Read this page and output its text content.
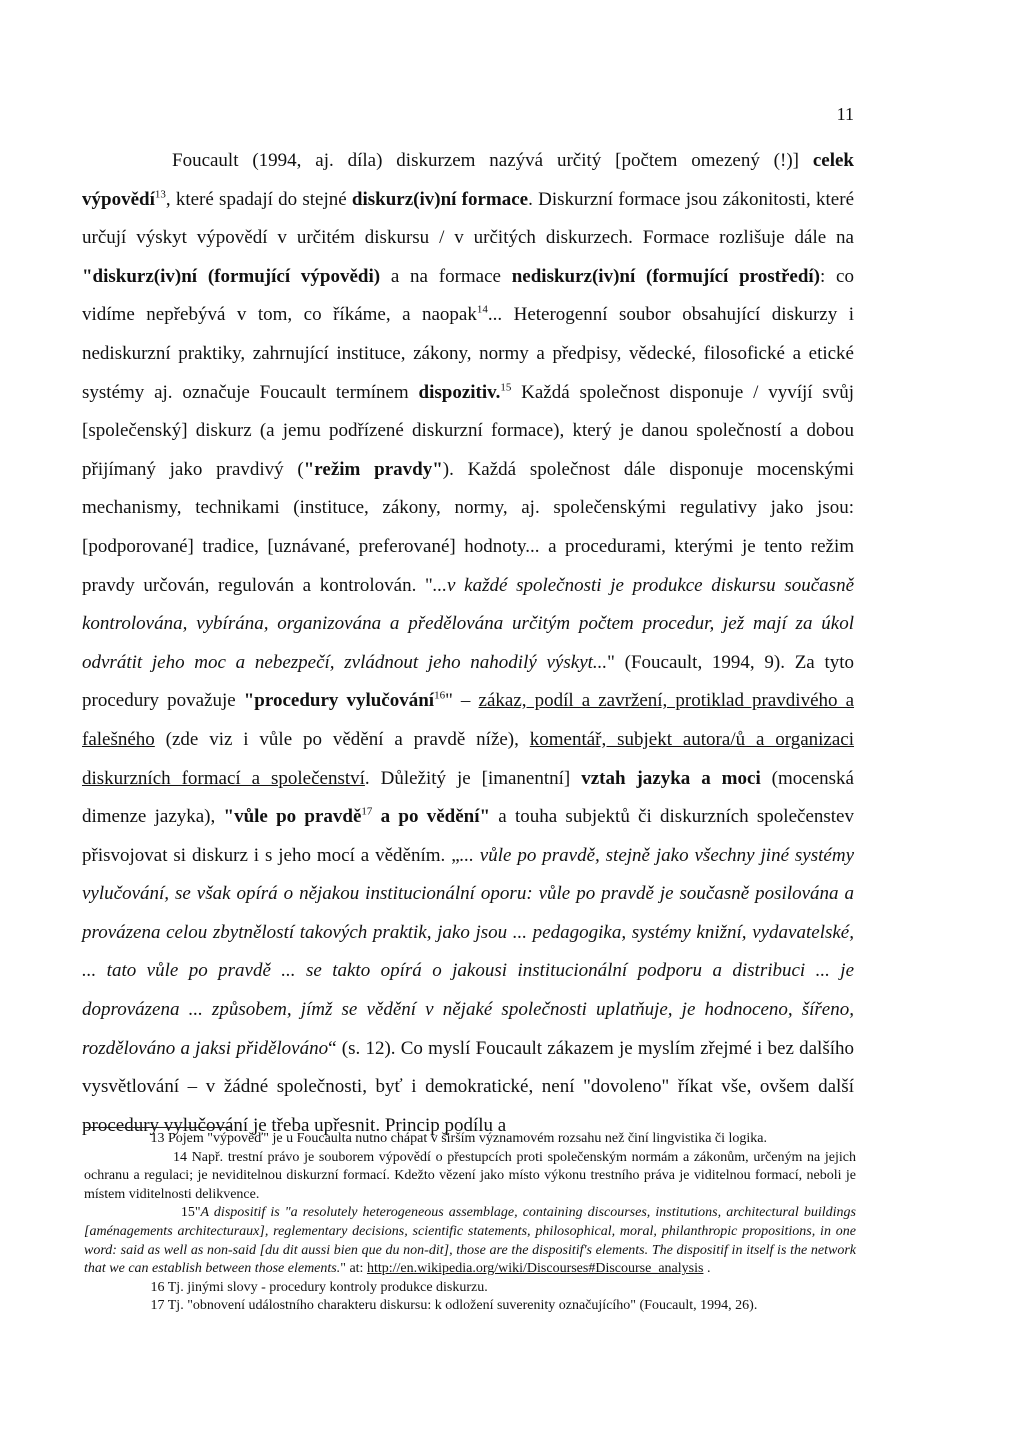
11

Foucault (1994, aj. díla) diskurzem nazývá určitý [počtem omezený (!)] celek výpovědí$^{13}$, které spadají do stejné diskurz(iv)ní formace. Diskurzní formace jsou zákonitosti, které určují výskyt výpovědí v určitém diskursu / v určitých diskurzech. Formace rozlišuje dále na "diskurz(iv)ní (formující výpovědi) a na formace nediskurz(iv)ní (formující prostředí): co vidíme nepřebývá v tom, co říkáme, a naopak$^{14}$... Heterogenní soubor obsahující diskurzy i nediskurzní praktiky, zahrnující instituce, zákony, normy a předpisy, vědecké, filosofické a etické systémy aj. označuje Foucault termínem dispozitiv.$^{15}$ Každá společnost disponuje / vyvíjí svůj [společenský] diskurz (a jemu podřízené diskurzní formace), který je danou společností a dobou přijímaný jako pravdivý ("režim pravdy"). Každá společnost dále disponuje mocenskými mechanismy, technikami (instituce, zákony, normy, aj. společenskými regulativy jako jsou: [podporované] tradice, [uznávané, preferované] hodnoty... a procedurami, kterými je tento režim pravdy určován, regulován a kontrolován. "...v každé společnosti je produkce diskursu současně kontrolována, vybírána, organizována a předělována určitým počtem procedur, jež mají za úkol odvrátit jeho moc a nebezpečí, zvládnout jeho nahodilý výskyt..." (Foucault, 1994, 9). Za tyto procedury považuje "procedury vylučování$^{16}$" – zákaz, podíl a zavržení, protiklad pravdivého a falešného (zde viz i vůle po vědění a pravdě níže), komentář, subjekt autora/ů a organizaci diskurzních formací a společenství. Důležitý je [imanentní] vztah jazyka a moci (mocenská dimenze jazyka), "vůle po pravdě$^{17}$ a po vědění" a touha subjektů či diskurzních společenstev přisvojovat si diskurz i s jeho mocí a věděním. „... vůle po pravdě, stejně jako všechny jiné systémy vylučování, se však opírá o nějakou institucionální oporu: vůle po pravdě je současně posilována a provázena celou zbytnělostí takových praktik, jako jsou ... pedagogika, systémy knižní, vydavatelské, ... tato vůle po pravdě ... se takto opírá o jakousi institucionální podporu a distribuci ... je doprovázena ... způsobem, jímž se vědění v nějaké společnosti uplatňuje, je hodnoceno, šířeno, rozdělováno a jaksi přidělováno“ (s. 12). Co myslí Foucault zákazem je myslím zřejmé i bez dalšího vysvětlování – v žádné společnosti, byť i demokratické, není "dovoleno" říkat vše, ovšem další procedury vylučování je třeba upřesnit. Princip podílu a

13 Pojem "výpověď" je u Foucaulta nutno chápat v širším významovém rozsahu než činí lingvistika či logika.

14 Např. trestní právo je souborem výpovědí o přestupcích proti společenským normám a zákonům, určeným na jejich ochranu a regulaci; je neviditelnou diskurzní formací. Kdežto vězení jako místo výkonu trestního práva je viditelnou formací, neboli je místem viditelnosti delikvence.

15"A dispositif is "a resolutely heterogeneous assemblage, containing discourses, institutions, architectural buildings [aménagements architecturaux], reglementary decisions, scientific statements, philosophical, moral, philanthropic propositions, in one word: said as well as non-said [du dit aussi bien que du non-dit], those are the dispositif's elements. The dispositif in itself is the network that we can establish between those elements." at: http://en.wikipedia.org/wiki/Discourses#Discourse_analysis .

16 Tj. jinými slovy - procedury kontroly produkce diskurzu.

17 Tj. "obnovení událostního charakteru diskursu: k odložení suverenity označujícího" (Foucault, 1994, 26).
